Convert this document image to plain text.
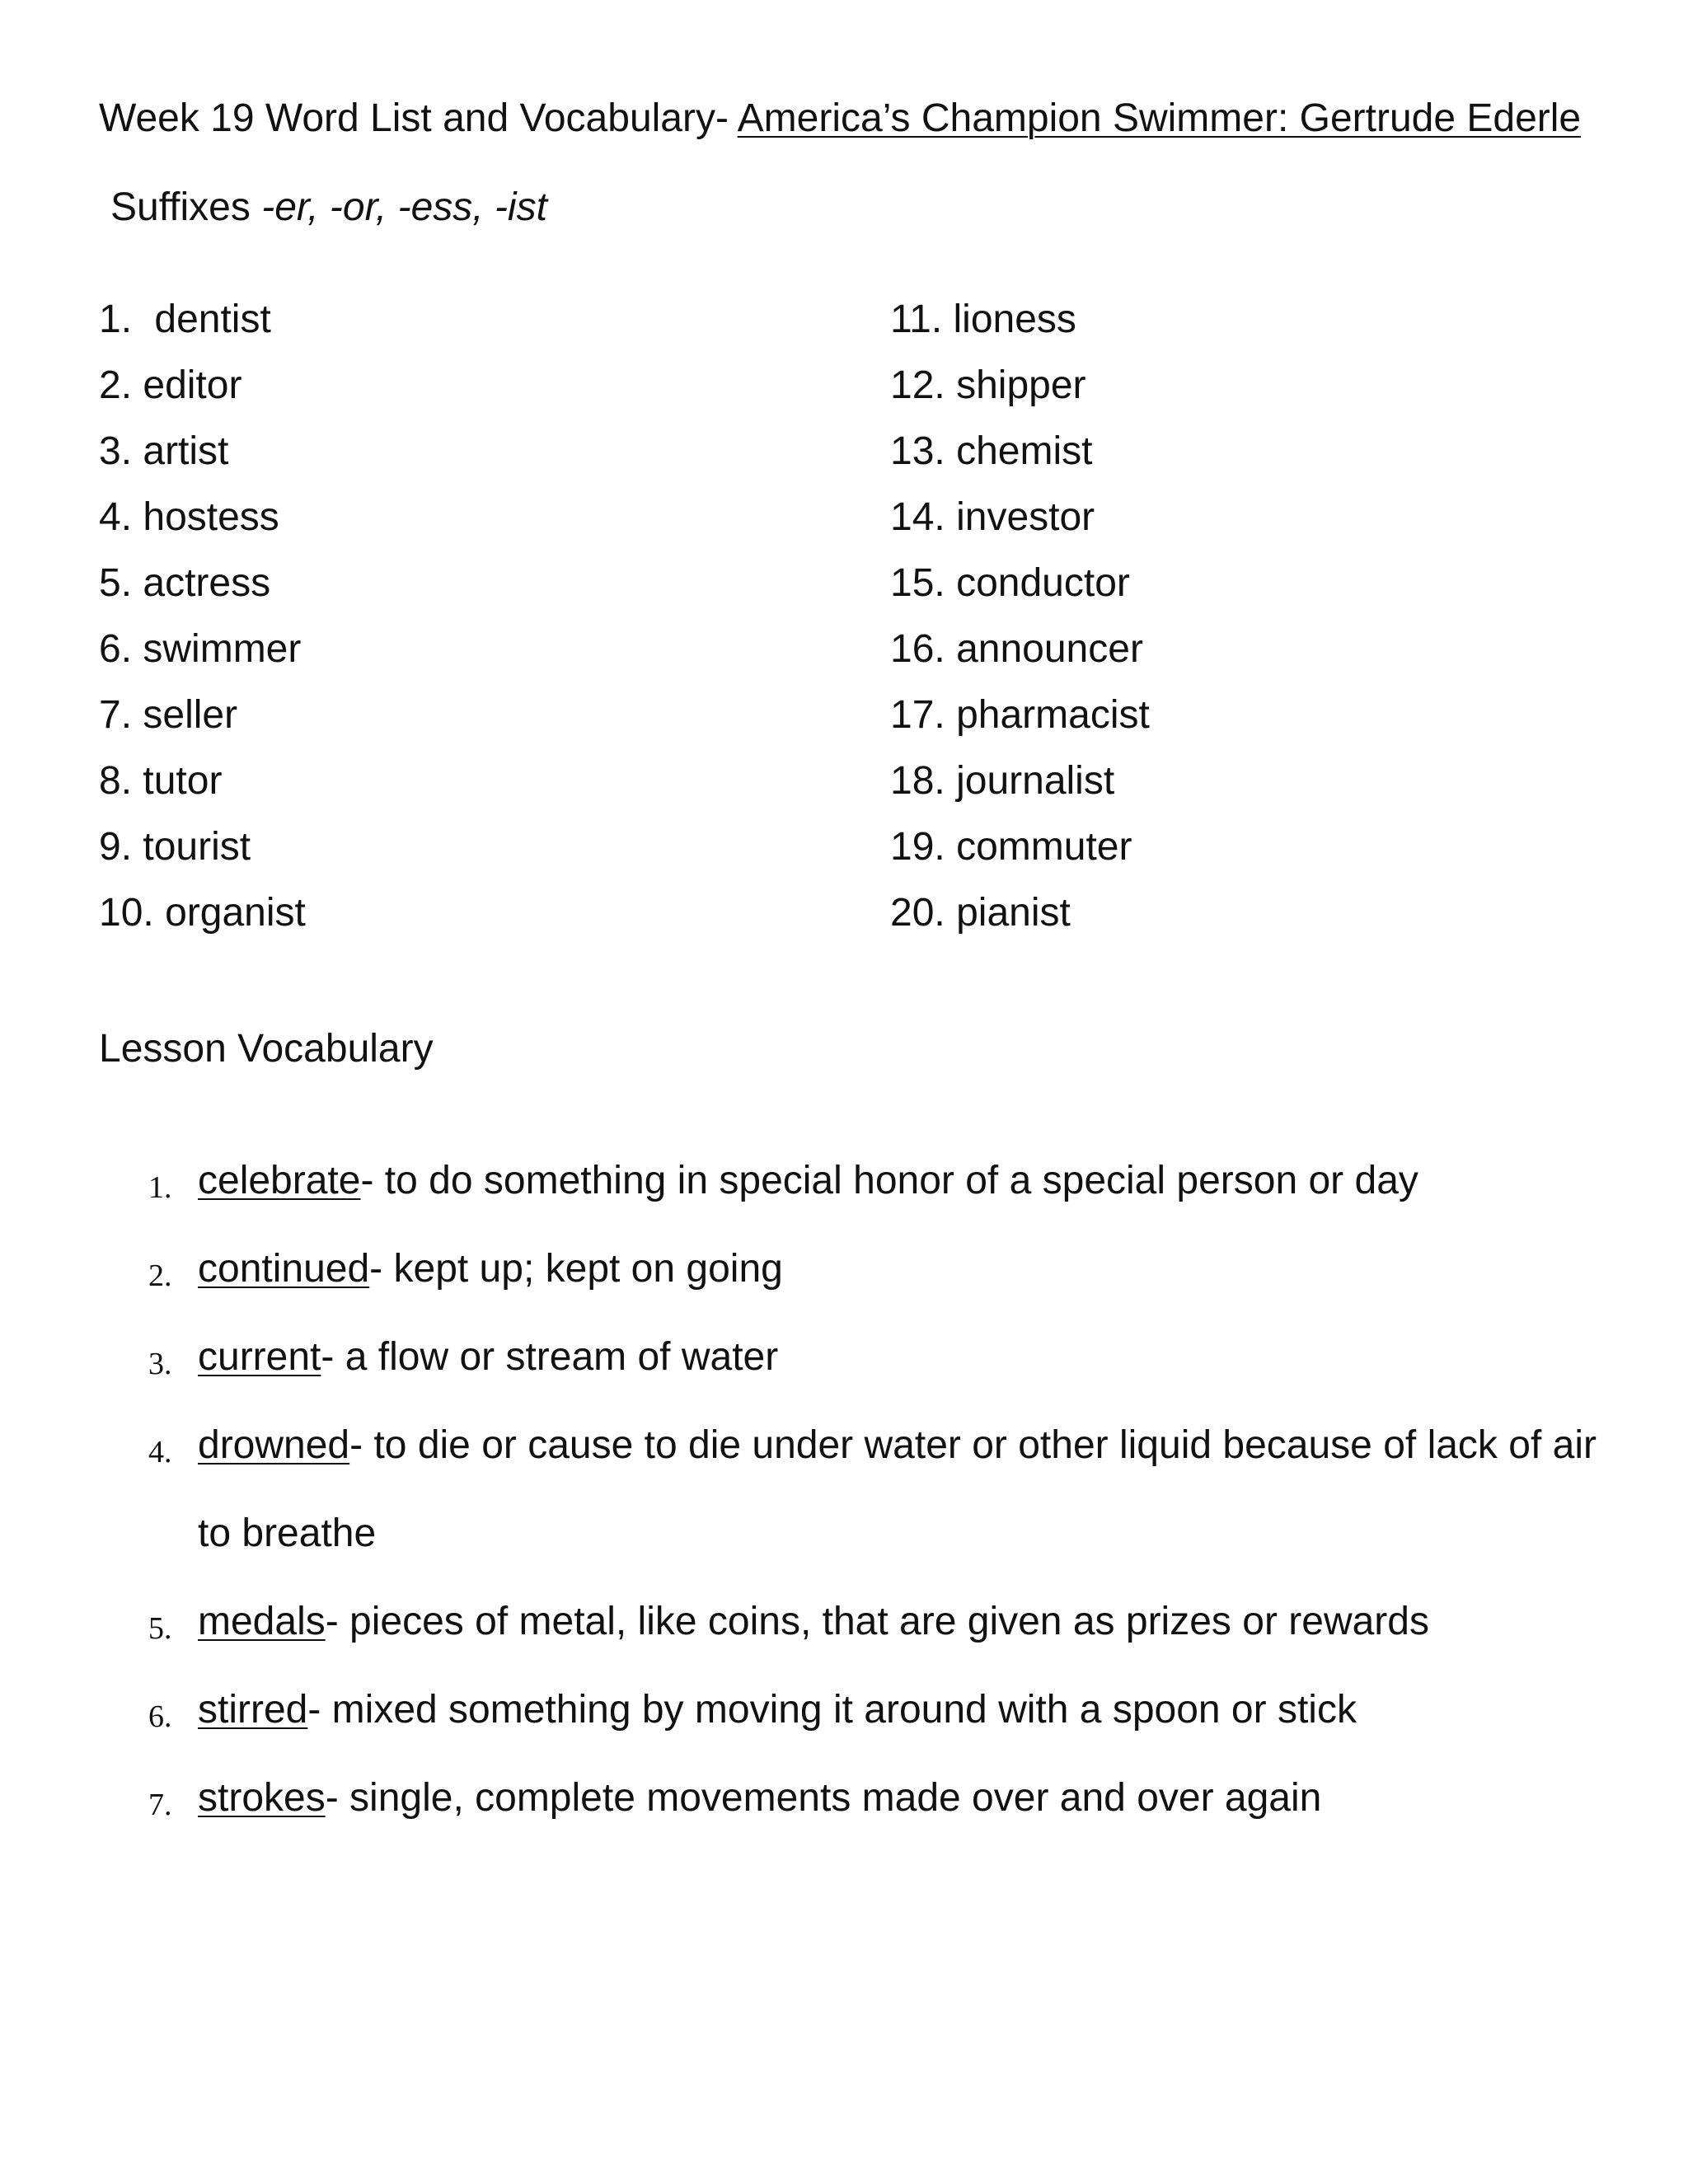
Week 19 Word List and Vocabulary- America’s Champion Swimmer: Gertrude Ederle
Suffixes -er, -or, -ess, -ist
1. dentist
2. editor
3. artist
4. hostess
5. actress
6. swimmer
7. seller
8. tutor
9. tourist
10. organist
11. lioness
12. shipper
13. chemist
14. investor
15. conductor
16. announcer
17. pharmacist
18. journalist
19. commuter
20. pianist
Lesson Vocabulary
1. celebrate- to do something in special honor of a special person or day
2. continued- kept up; kept on going
3. current- a flow or stream of water
4. drowned- to die or cause to die under water or other liquid because of lack of air
to breathe
5. medals- pieces of metal, like coins, that are given as prizes or rewards
6. stirred- mixed something by moving it around with a spoon or stick
7. strokes- single, complete movements made over and over again
